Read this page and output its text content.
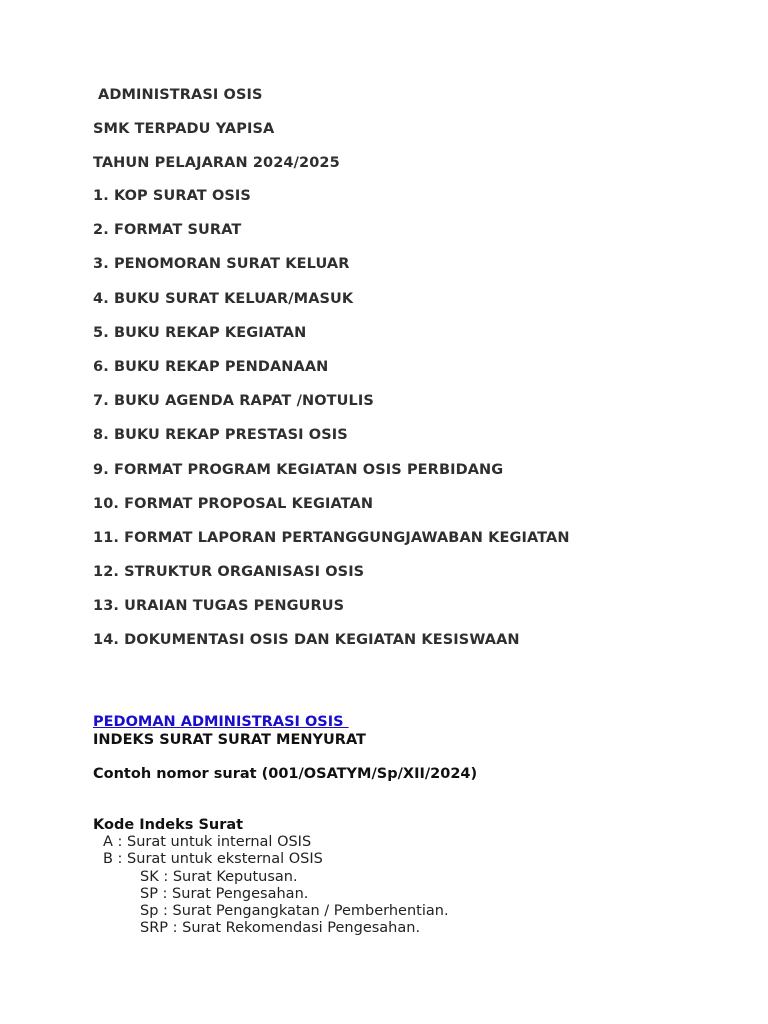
ADMINISTRASI OSIS
SMK TERPADU YAPISA
TAHUN PELAJARAN 2024/2025
1. KOP SURAT OSIS
2. FORMAT SURAT
3. PENOMORAN SURAT KELUAR
4. BUKU SURAT KELUAR/MASUK
5. BUKU REKAP KEGIATAN
6. BUKU REKAP PENDANAAN
7. BUKU AGENDA RAPAT /NOTULIS
8. BUKU REKAP PRESTASI OSIS
9. FORMAT PROGRAM KEGIATAN OSIS PERBIDANG
10. FORMAT PROPOSAL KEGIATAN
11. FORMAT LAPORAN PERTANGGUNGJAWABAN KEGIATAN
12. STRUKTUR ORGANISASI OSIS
13. URAIAN TUGAS PENGURUS
14. DOKUMENTASI OSIS DAN KEGIATAN KESISWAAN
PEDOMAN ADMINISTRASI OSIS
INDEKS SURAT SURAT MENYURAT
Contoh nomor surat (001/OSATYM/Sp/XII/2024)
Kode Indeks Surat
A : Surat untuk internal OSIS
B : Surat untuk eksternal OSIS
SK : Surat Keputusan.
SP : Surat Pengesahan.
Sp : Surat Pengangkatan / Pemberhentian.
SRP : Surat Rekomendasi Pengesahan.
